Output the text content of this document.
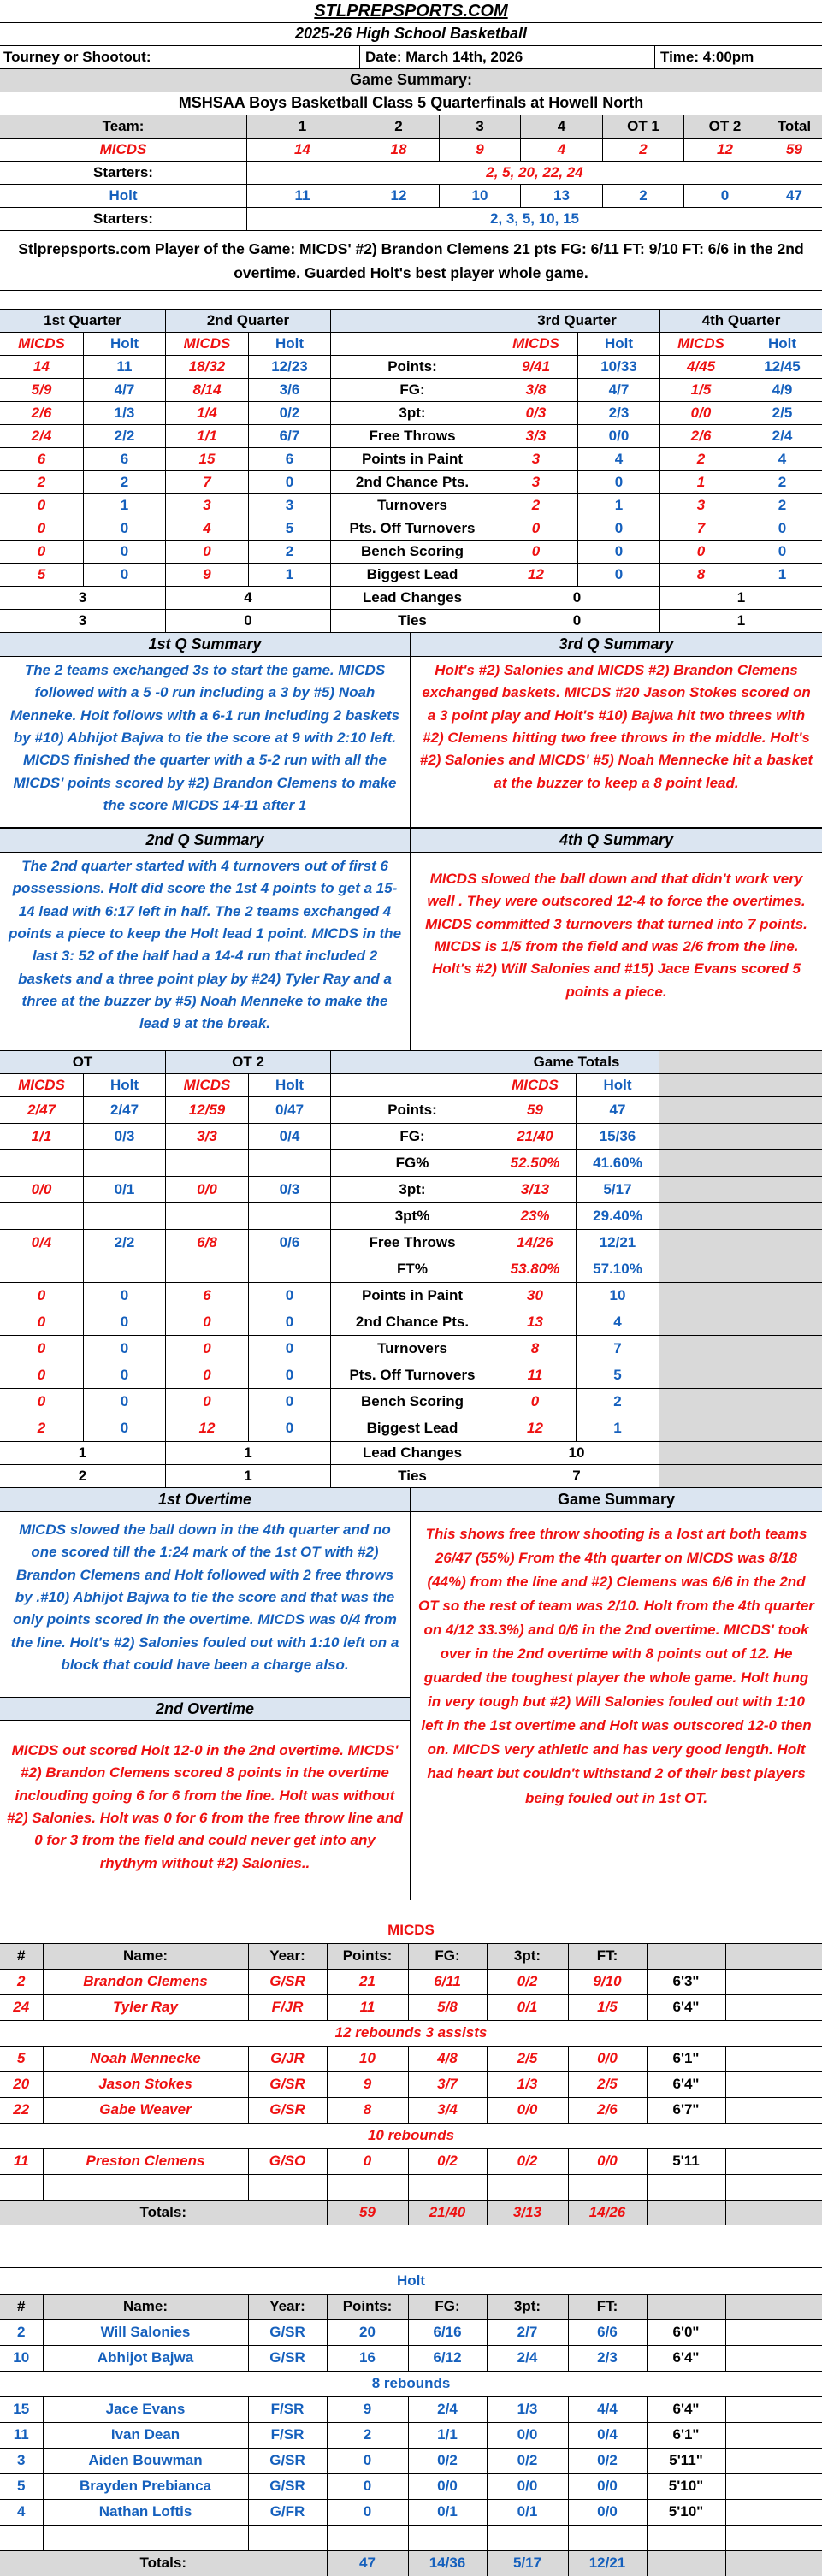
STLPREPSPORTS.COM
2025-26 High School Basketball
Tourney or Shootout:	Date: March 14th, 2026	Time: 4:00pm
Game Summary:
MSHSAA Boys Basketball Class 5 Quarterfinals at Howell North
Team:	1	2	3	4	OT 1	OT 2	Total
MICDS	14	18	9	4	2	12	59
Starters:	2, 5, 20, 22, 24
Holt	11	12	10	13	2	0	47
Starters:	2, 3, 5, 10, 15
Stlprepsports.com Player of the Game: MICDS' #2) Brandon Clemens 21 pts FG: 6/11 FT: 9/10 FT: 6/6 in the 2nd overtime. Guarded Holt's best player whole game.
1st Quarter	2nd Quarter	3rd Quarter	4th Quarter
MICDS	Holt	MICDS	Holt	MICDS	Holt	MICDS	Holt
14	11	18/32	12/23	Points:	9/41	10/33	4/45	12/45
5/9	4/7	8/14	3/6	FG:	3/8	4/7	1/5	4/9
2/6	1/3	1/4	0/2	3pt:	0/3	2/3	0/0	2/5
2/4	2/2	1/1	6/7	Free Throws	3/3	0/0	2/6	2/4
6	6	15	6	Points in Paint	3	4	2	4
2	2	7	0	2nd Chance Pts.	3	0	1	2
0	1	3	3	Turnovers	2	1	3	2
0	0	4	5	Pts. Off Turnovers	0	0	7	0
0	0	0	2	Bench Scoring	0	0	0	0
5	0	9	1	Biggest Lead	12	0	8	1
3	4	Lead Changes	0	1
3	0	Ties	0	1
1st Q Summary
The 2 teams exchanged 3s to start the game. MICDS followed with a 5 -0 run including a 3 by #5) Noah Menneke. Holt follows with a 6-1 run including 2 baskets by #10) Abhijot Bajwa to tie the score at 9 with 2:10 left. MICDS finished the quarter with a 5-2 run with all the MICDS' points scored by #2) Brandon Clemens to make the score MICDS 14-11 after 1
3rd Q Summary
Holt's #2) Salonies and MICDS #2) Brandon Clemens exchanged baskets. MICDS #20 Jason Stokes scored on a 3 point play and Holt's #10) Bajwa hit two threes with #2) Clemens hitting two free throws in the middle. Holt's #2) Salonies and MICDS' #5) Noah Mennecke hit a basket at the buzzer to keep a 8 point lead.
2nd Q Summary
The 2nd quarter started with 4 turnovers out of first 6 possessions. Holt did score the 1st 4 points to get a 15-14 lead with 6:17 left in half. The 2 teams exchanged 4 points a piece to keep the Holt lead 1 point. MICDS in the last 3: 52 of the half had a 14-4 run that included 2 baskets and a three point play by #24) Tyler Ray and a three at the buzzer by #5) Noah Menneke to make the lead 9 at the break.
4th Q Summary
MICDS slowed the ball down and that didn't work very well . They were outscored 12-4 to force the overtimes. MICDS committed 3 turnovers that turned into 7 points. MICDS is 1/5 from the field and was 2/6 from the line. Holt's #2) Will Salonies and #15) Jace Evans scored 5 points a piece.
OT	OT 2	Game Totals
MICDS	Holt	MICDS	Holt	MICDS	Holt
2/47	2/47	12/59	0/47	Points:	59	47
1/1	0/3	3/3	0/4	FG:	21/40	15/36
FG%	52.50%	41.60%
0/0	0/1	0/0	0/3	3pt:	3/13	5/17
3pt%	23%	29.40%
0/4	2/2	6/8	0/6	Free Throws	14/26	12/21
FT%	53.80%	57.10%
0	0	6	0	Points in Paint	30	10
0	0	0	0	2nd Chance Pts.	13	4
0	0	0	0	Turnovers	8	7
0	0	0	0	Pts. Off Turnovers	11	5
0	0	0	0	Bench Scoring	0	2
2	0	12	0	Biggest Lead	12	1
1	1	Lead Changes	10
2	1	Ties	7
1st Overtime
MICDS slowed the ball down in the 4th quarter and no one scored till the 1:24 mark of the 1st OT with #2) Brandon Clemens and Holt followed with 2 free throws by .#10) Abhijot Bajwa to tie the score and that was the only points scored in the overtime. MICDS was 0/4 from the line. Holt's #2) Salonies fouled out with 1:10 left on a block that could have been a charge also.
2nd Overtime
MICDS out scored Holt 12-0 in the 2nd overtime. MICDS' #2) Brandon Clemens scored 8 points in the overtime inclouding going 6 for 6 from the line. Holt was without #2) Salonies. Holt was 0 for 6 from the free throw line and 0 for 3 from the field and could never get into any rhythym without #2) Salonies..
Game Summary
This shows free throw shooting is a lost art both teams 26/47 (55%) From the 4th quarter on MICDS was 8/18 (44%) from the line and #2) Clemens was 6/6 in the 2nd OT so the rest of team was 2/10. Holt from the 4th quarter on 4/12 33.3%) and 0/6 in the 2nd overtime. MICDS' took over in the 2nd overtime with 8 points out of 12. He guarded the toughest player the whole game. Holt hung in very tough but #2) Will Salonies fouled out with 1:10 left in the 1st overtime and Holt was outscored 12-0 then on. MICDS very athletic and has very good length. Holt had heart but couldn't withstand 2 of their best players being fouled out in 1st OT.
MICDS								
#	Name:	Year:	Points:	FG:	3pt:	FT:		
2	Brandon Clemens	G/SR	21	6/11	0/2	9/10	6'3"	
24	Tyler Ray	F/JR	11	5/8	0/1	1/5	6'4"	
12 rebounds 3 assists								
5	Noah Mennecke	G/JR	10	4/8	2/5	0/0	6'1"	
20	Jason Stokes	G/SR	9	3/7	1/3	2/5	6'4"	
22	Gabe Weaver	G/SR	8	3/4	0/0	2/6	6'7"	
10 rebounds								
11	Preston Clemens	G/SO	0	0/2	0/2	0/0	5'11	

Totals:			59	21/40	3/13	14/26		
Holt								
#	Name:	Year:	Points:	FG:	3pt:	FT:		
2	Will Salonies	G/SR	20	6/16	2/7	6/6	6'0"	
10	Abhijot Bajwa	G/SR	16	6/12	2/4	2/3	6'4"	
8 rebounds								
15	Jace Evans	F/SR	9	2/4	1/3	4/4	6'4"	
11	Ivan Dean	F/SR	2	1/1	0/0	0/4	6'1"	
3	Aiden Bouwman	G/SR	0	0/2	0/2	0/2	5'11"	
5	Brayden Prebianca	G/SR	0	0/0	0/0	0/0	5'10"	
4	Nathan Loftis	G/FR	0	0/1	0/1	0/0	5'10"	

Totals:			47	14/36	5/17	12/21		
